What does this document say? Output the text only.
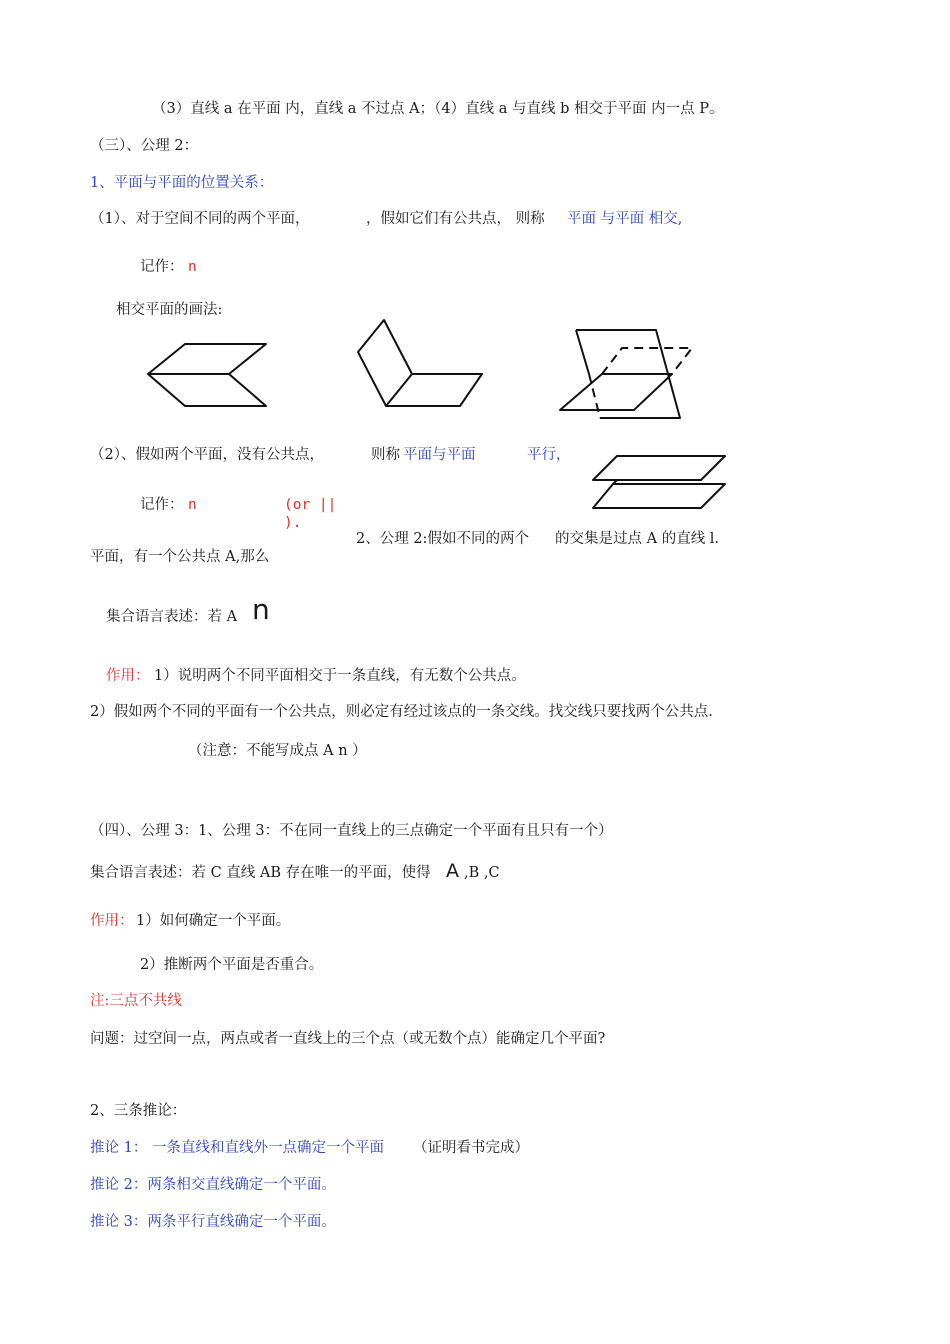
（3）直线 a 在平面 内，直线 a 不过点 A；（4）直线 a 与直线 b 相交于平面 内一点 P。
（三）、公理 2：
1、平面与平面的位置关系：
（1）、对于空间不同的两个平面，	，假如它们有公共点， 则称 平面 与平面 相交,
记作： n
相交平面的画法:
（2）、假如两个平面，没有公共点，	则称 平面与平面	平行，
记作： n	(or ||
).
2、公理 2:假如不同的两个 的交集是过点 A 的直线 l.
平面，有一个公共点 A,那么
集合语言表述：若 A n
作用： 1）说明两个不同平面相交于一条直线，有无数个公共点。
2）假如两个不同的平面有一个公共点，则必定有经过该点的一条交线。找交线只要找两个公共点.
（注意：不能写成点 A n ）
（四）、公理 3：1、公理 3：不在同一直线上的三点确定一个平面有且只有一个）
集合语言表述：若 C 直线 AB 存在唯一的平面，使得 A ,B ,C
作用： 1）如何确定一个平面。
2）推断两个平面是否重合。
注:三点不共线
问题：过空间一点，两点或者一直线上的三个点（或无数个点）能确定几个平面?
2、三条推论：
推论 1： 一条直线和直线外一点确定一个平面 （证明看书完成）
推论 2：两条相交直线确定一个平面。
推论 3：两条平行直线确定一个平面。
